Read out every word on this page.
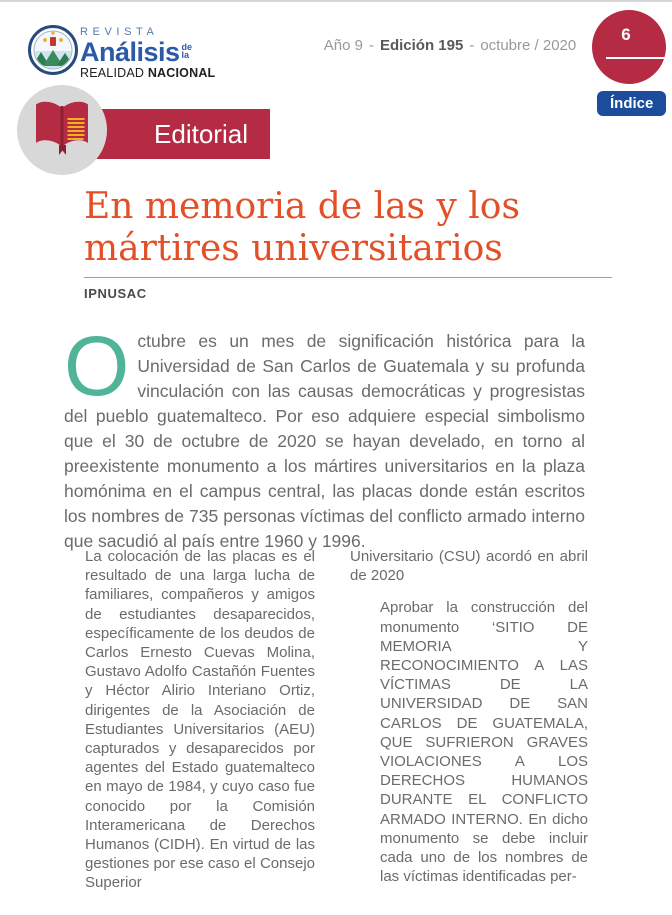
REVISTA
Análisis de
la
REALIDAD NACIONAL
Año 9 - Edición 195 - octubre / 2020
6
Índice
Editorial
En memoria de las y los mártires universitarios
IPNUSAC

Octubre es un mes de significación histórica para la Universidad de San Carlos de Guatemala y su profunda vinculación con las causas democráticas y progresistas del pueblo guatemalteco. Por eso adquiere especial simbolismo que el 30 de octubre de 2020 se hayan develado, en torno al preexistente monumento a los mártires universitarios en la plaza homónima en el campus central, las placas donde están escritos los nombres de 735 personas víctimas del conflicto armado interno que sacudió al país entre 1960 y 1996.

La colocación de las placas es el resultado de una larga lucha de familiares, compañeros y amigos de estudiantes desaparecidos, específicamente de los deudos de Carlos Ernesto Cuevas Molina, Gustavo Adolfo Castañón Fuentes y Héctor Alirio Interiano Ortiz, dirigentes de la Asociación de Estudiantes Universitarios (AEU) capturados y desaparecidos por agentes del Estado guatemalteco en mayo de 1984, y cuyo caso fue conocido por la Comisión Interamericana de Derechos Humanos (CIDH). En virtud de las gestiones por ese caso el Consejo Superior

Universitario (CSU) acordó en abril de 2020

Aprobar la construcción del monumento ‘SITIO DE MEMORIA Y RECONOCIMIENTO A LAS VÍCTIMAS DE LA UNIVERSIDAD DE SAN CARLOS DE GUATEMALA, QUE SUFRIERON GRAVES VIOLACIONES A LOS DERECHOS HUMANOS DURANTE EL CONFLICTO ARMADO INTERNO. En dicho monumento se debe incluir cada uno de los nombres de las víctimas identificadas per-
